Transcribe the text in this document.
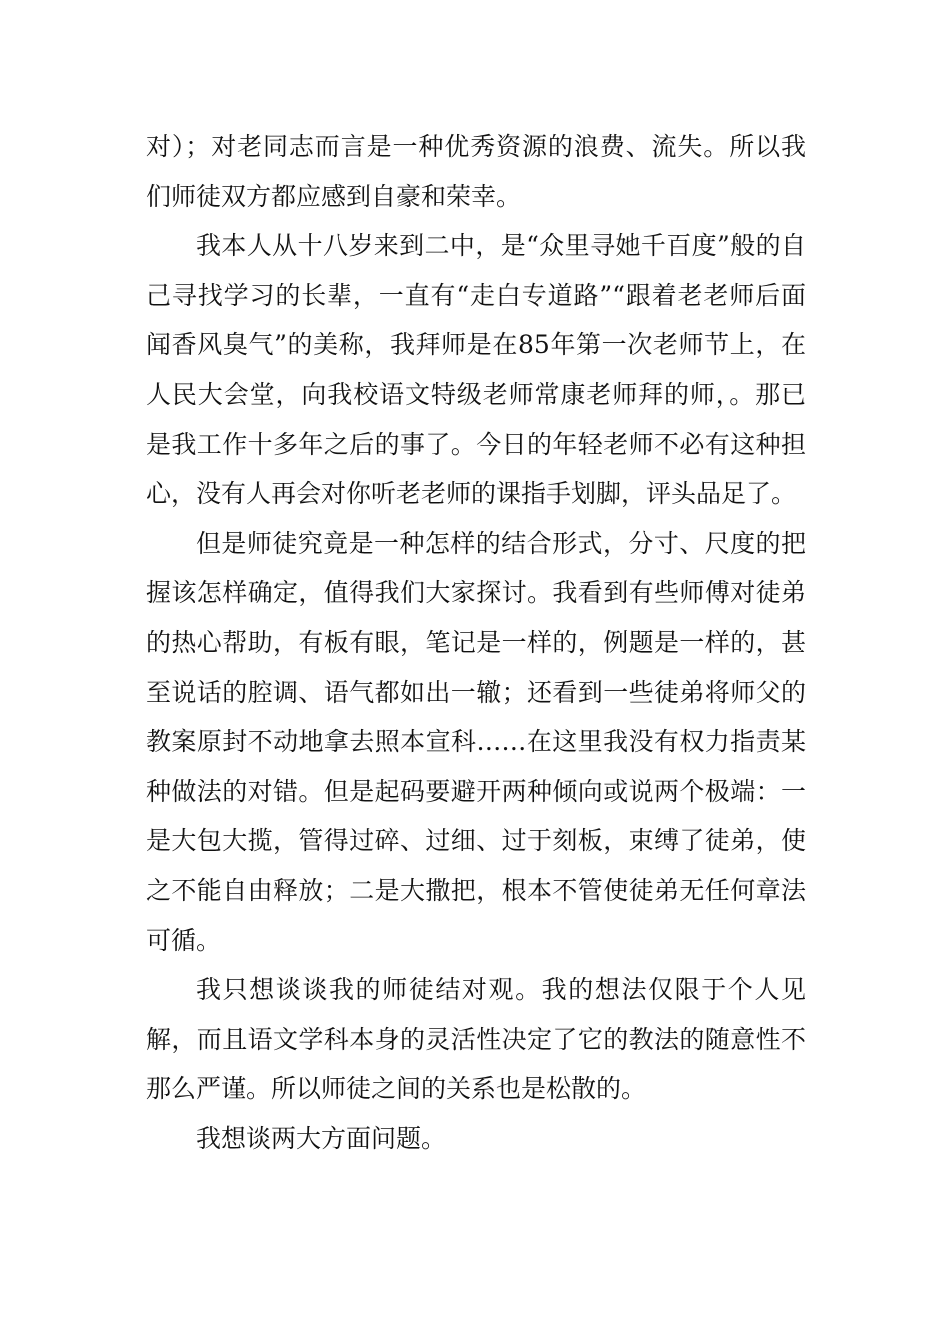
对）；对老同志而言是一种优秀资源的浪费、流失。所以我们师徒双方都应感到自豪和荣幸。

我本人从十八岁来到二中，是“众里寻她千百度”般的自己寻找学习的长辈，一直有“走白专道路”“跟着老老师后面闻香风臭气”的美称，我拜师是在85年第一次老师节上，在人民大会堂，向我校语文特级老师常康老师拜的师，。那已是我工作十多年之后的事了。今日的年轻老师不必有这种担心，没有人再会对你听老老师的课指手划脚，评头品足了。

但是师徒究竟是一种怎样的结合形式，分寸、尺度的把握该怎样确定，值得我们大家探讨。我看到有些师傅对徒弟的热心帮助，有板有眼，笔记是一样的，例题是一样的，甚至说话的腔调、语气都如出一辙；还看到一些徒弟将师父的教案原封不动地拿去照本宣科……在这里我没有权力指责某种做法的对错。但是起码要避开两种倾向或说两个极端：一是大包大揽，管得过碎、过细、过于刻板，束缚了徒弟，使之不能自由释放；二是大撒把，根本不管使徒弟无任何章法可循。

我只想谈谈我的师徒结对观。我的想法仅限于个人见解，而且语文学科本身的灵活性决定了它的教法的随意性不那么严谨。所以师徒之间的关系也是松散的。

我想谈两大方面问题。
